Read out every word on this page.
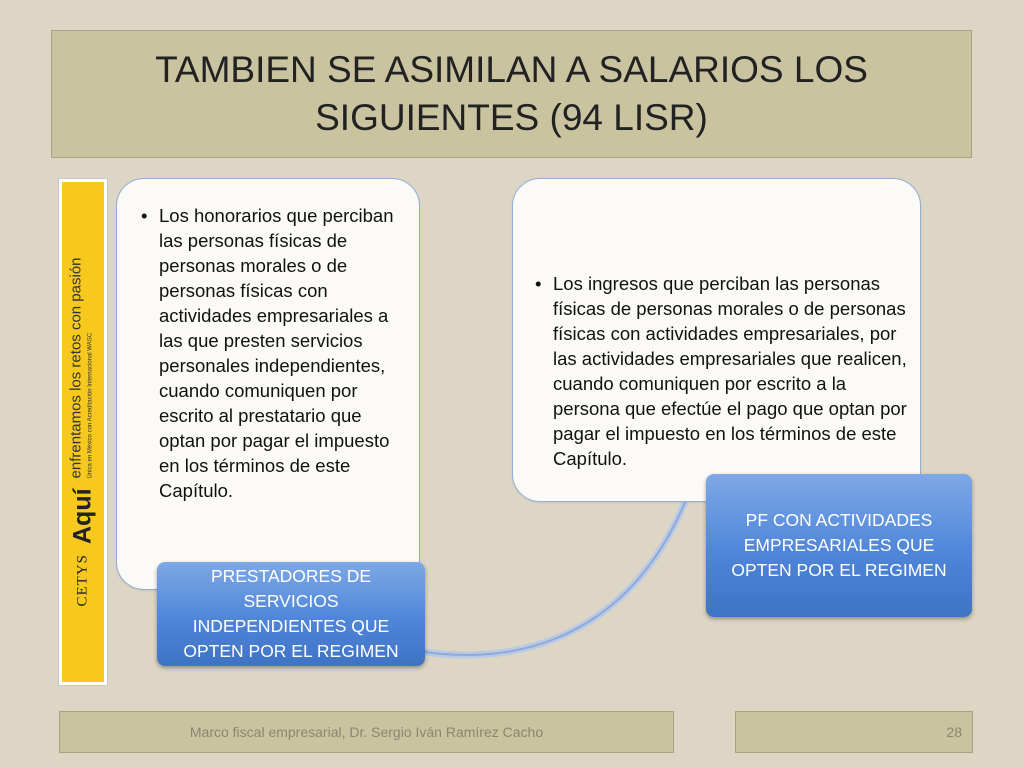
TAMBIEN SE ASIMILAN A SALARIOS LOS
SIGUIENTES (94 LISR)
CETYS
Aquí
enfrentamos los retos con pasión Única en México con Acreditación Internacional WASC
• Los honorarios que perciban las personas físicas de personas morales o de personas físicas con actividades empresariales a las que presten servicios personales independientes, cuando comuniquen por escrito al prestatario que optan por pagar el impuesto en los términos de este Capítulo.
• Los ingresos que perciban las personas físicas de personas morales o de personas físicas con actividades empresariales, por las actividades empresariales que realicen, cuando comuniquen por escrito a la persona que efectúe el pago que optan por pagar el impuesto en los términos de este Capítulo.
PRESTADORES DE SERVICIOS INDEPENDIENTES QUE OPTEN POR EL REGIMEN
PF CON ACTIVIDADES EMPRESARIALES QUE OPTEN POR EL REGIMEN
Marco fiscal empresarial, Dr. Sergio Iván Ramírez Cacho	28
